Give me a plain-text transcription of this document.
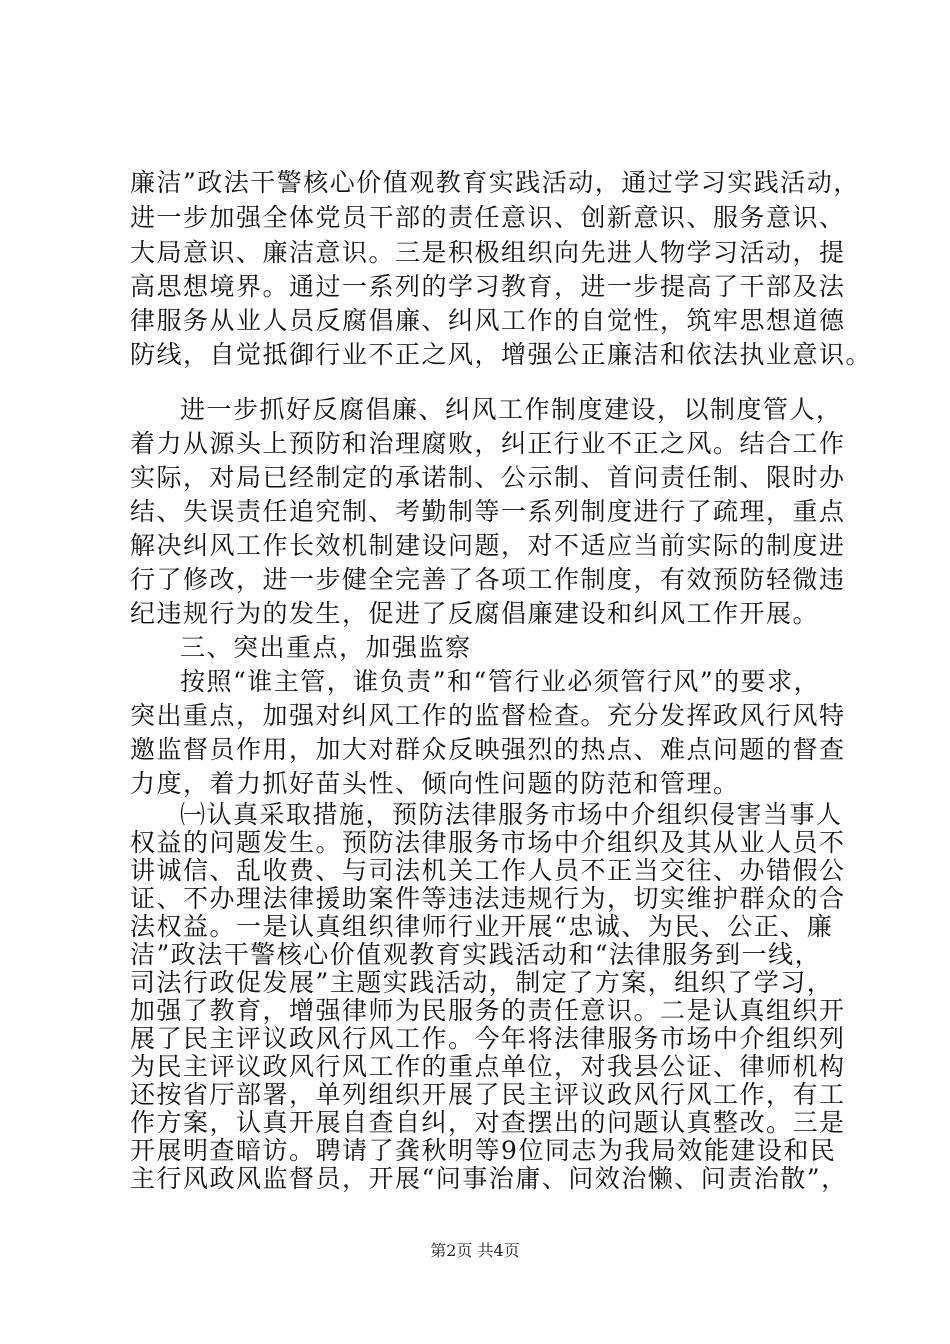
廉洁”政法干警核心价值观教育实践活动，通过学习实践活动，
进一步加强全体党员干部的责任意识、创新意识、服务意识、
大局意识、廉洁意识。三是积极组织向先进人物学习活动，提
高思想境界。通过一系列的学习教育，进一步提高了干部及法
律服务从业人员反腐倡廉、纠风工作的自觉性，筑牢思想道德
防线，自觉抵御行业不正之风，增强公正廉洁和依法执业意识。
进一步抓好反腐倡廉、纠风工作制度建设，以制度管人，
着力从源头上预防和治理腐败，纠正行业不正之风。结合工作
实际，对局已经制定的承诺制、公示制、首问责任制、限时办
结、失误责任追究制、考勤制等一系列制度进行了疏理，重点
解决纠风工作长效机制建设问题，对不适应当前实际的制度进
行了修改，进一步健全完善了各项工作制度，有效预防轻微违
纪违规行为的发生，促进了反腐倡廉建设和纠风工作开展。
三、突出重点，加强监察
按照“谁主管，谁负责”和“管行业必须管行风”的要求，
突出重点，加强对纠风工作的监督检查。充分发挥政风行风特
邀监督员作用，加大对群众反映强烈的热点、难点问题的督查
力度，着力抓好苗头性、倾向性问题的防范和管理。
㈠认真采取措施，预防法律服务市场中介组织侵害当事人
权益的问题发生。预防法律服务市场中介组织及其从业人员不
讲诚信、乱收费、与司法机关工作人员不正当交往、办错假公
证、不办理法律援助案件等违法违规行为，切实维护群众的合
法权益。一是认真组织律师行业开展“忠诚、为民、公正、廉
洁”政法干警核心价值观教育实践活动和“法律服务到一线，
司法行政促发展”主题实践活动，制定了方案，组织了学习，
加强了教育，增强律师为民服务的责任意识。二是认真组织开
展了民主评议政风行风工作。今年将法律服务市场中介组织列
为民主评议政风行风工作的重点单位，对我县公证、律师机构
还按省厅部署，单列组织开展了民主评议政风行风工作，有工
作方案，认真开展自查自纠，对查摆出的问题认真整改。三是
开展明查暗访。聘请了龚秋明等9位同志为我局效能建设和民
主行风政风监督员，开展“问事治庸、问效治懒、问责治散”，
第2页 共4页
